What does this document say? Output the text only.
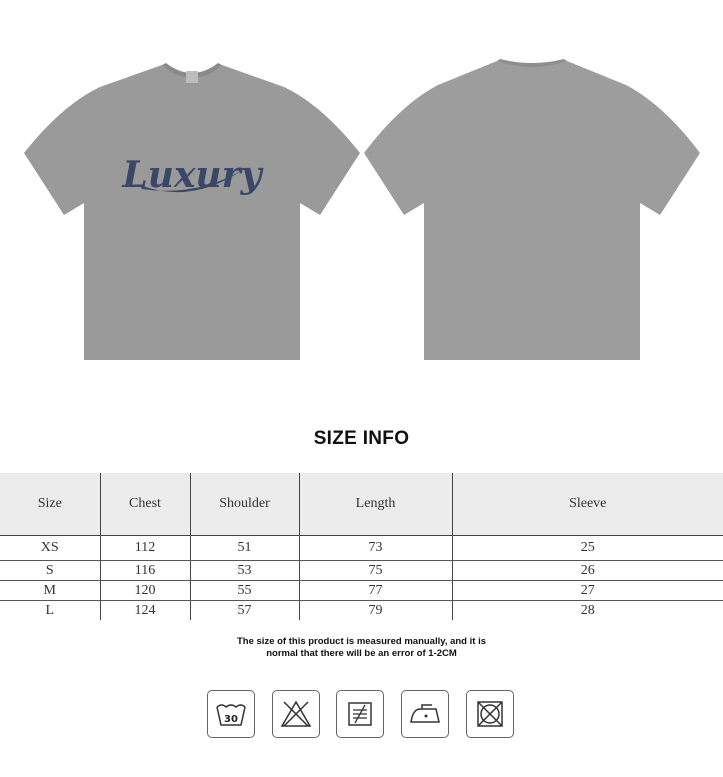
Luxury
SIZE INFO
Size	Chest	Shoulder	Length	Sleeve
XS	112	51	73	25
S	116	53	75	26
M	120	55	77	27
L	124	57	79	28
The size of this product is measured manually, and it is
normal that there will be an error of 1-2CM
30
